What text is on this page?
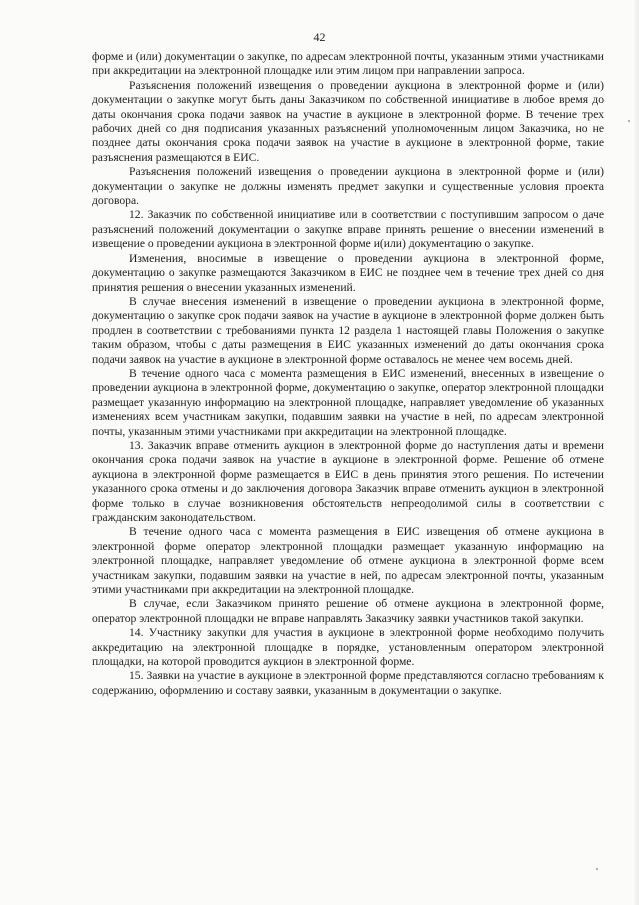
42

форме и (или) документации о закупке, по адресам электронной почты, указанным этими участниками при аккредитации на электронной площадке или этим лицом при направлении запроса.

Разъяснения положений извещения о проведении аукциона в электронной форме и (или) документации о закупке могут быть даны Заказчиком по собственной инициативе в любое время до даты окончания срока подачи заявок на участие в аукционе в электронной форме. В течение трех рабочих дней со дня подписания указанных разъяснений уполномоченным лицом Заказчика, но не позднее даты окончания срока подачи заявок на участие в аукционе в электронной форме, такие разъяснения размещаются в ЕИС.

Разъяснения положений извещения о проведении аукциона в электронной форме и (или) документации о закупке не должны изменять предмет закупки и существенные условия проекта договора.

12. Заказчик по собственной инициативе или в соответствии с поступившим запросом о даче разъяснений положений документации о закупке вправе принять решение о внесении изменений в извещение о проведении аукциона в электронной форме и(или) документацию о закупке.

Изменения, вносимые в извещение о проведении аукциона в электронной форме, документацию о закупке размещаются Заказчиком в ЕИС не позднее чем в течение трех дней со дня принятия решения о внесении указанных изменений.

В случае внесения изменений в извещение о проведении аукциона в электронной форме, документацию о закупке срок подачи заявок на участие в аукционе в электронной форме должен быть продлен в соответствии с требованиями пункта 12 раздела 1 настоящей главы Положения о закупке таким образом, чтобы с даты размещения в ЕИС указанных изменений до даты окончания срока подачи заявок на участие в аукционе в электронной форме оставалось не менее чем восемь дней.

В течение одного часа с момента размещения в ЕИС изменений, внесенных в извещение о проведении аукциона в электронной форме, документацию о закупке, оператор электронной площадки размещает указанную информацию на электронной площадке, направляет уведомление об указанных изменениях всем участникам закупки, подавшим заявки на участие в ней, по адресам электронной почты, указанным этими участниками при аккредитации на электронной площадке.

13. Заказчик вправе отменить аукцион в электронной форме до наступления даты и времени окончания срока подачи заявок на участие в аукционе в электронной форме. Решение об отмене аукциона в электронной форме размещается в ЕИС в день принятия этого решения. По истечении указанного срока отмены и до заключения договора Заказчик вправе отменить аукцион в электронной форме только в случае возникновения обстоятельств непреодолимой силы в соответствии с гражданским законодательством.

В течение одного часа с момента размещения в ЕИС извещения об отмене аукциона в электронной форме оператор электронной площадки размещает указанную информацию на электронной площадке, направляет уведомление об отмене аукциона в электронной форме всем участникам закупки, подавшим заявки на участие в ней, по адресам электронной почты, указанным этими участниками при аккредитации на электронной площадке.

В случае, если Заказчиком принято решение об отмене аукциона в электронной форме, оператор электронной площадки не вправе направлять Заказчику заявки участников такой закупки.

14. Участнику закупки для участия в аукционе в электронной форме необходимо получить аккредитацию на электронной площадке в порядке, установленным оператором электронной площадки, на которой проводится аукцион в электронной форме.

15. Заявки на участие в аукционе в электронной форме представляются согласно требованиям к содержанию, оформлению и составу заявки, указанным в документации о закупке.
